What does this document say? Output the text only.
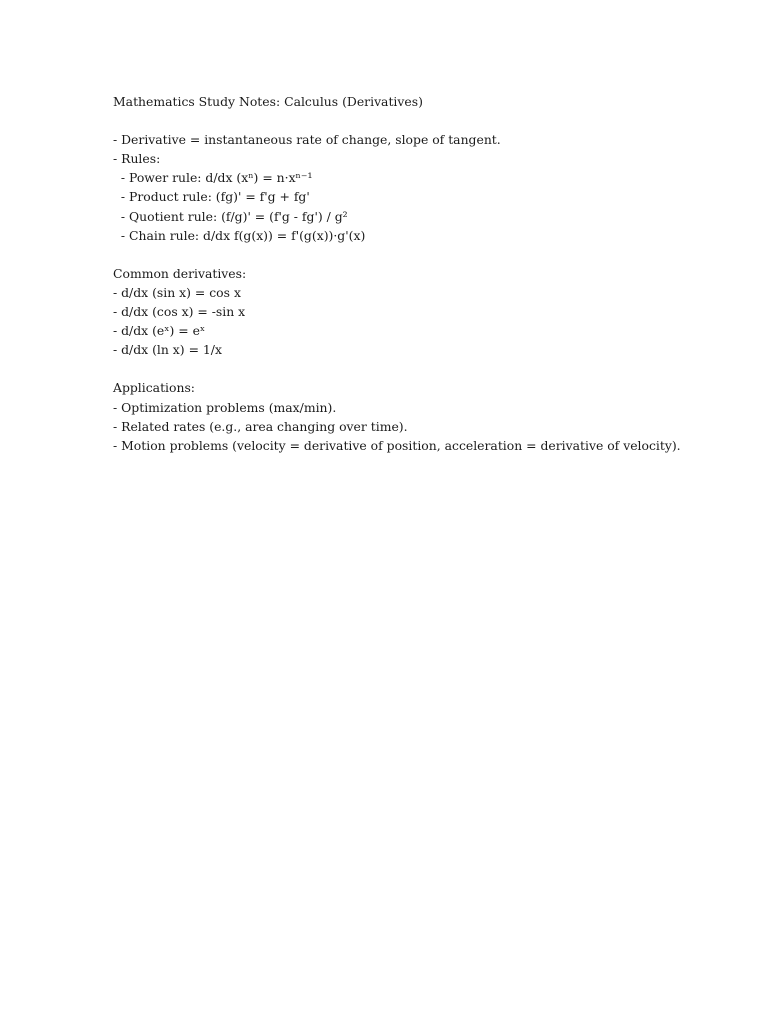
Mathematics Study Notes: Calculus (Derivatives)

- Derivative = instantaneous rate of change, slope of tangent.

- Rules:

- Power rule: d/dx (xⁿ) = n·xⁿ⁻¹

- Product rule: (fg)' = f'g + fg'

- Quotient rule: (f/g)' = (f'g - fg') / g²

- Chain rule: d/dx f(g(x)) = f'(g(x))·g'(x)

Common derivatives:

- d/dx (sin x) = cos x

- d/dx (cos x) = -sin x

- d/dx (eˣ) = eˣ

- d/dx (ln x) = 1/x

Applications:

- Optimization problems (max/min).

- Related rates (e.g., area changing over time).

- Motion problems (velocity = derivative of position, acceleration = derivative of velocity).
